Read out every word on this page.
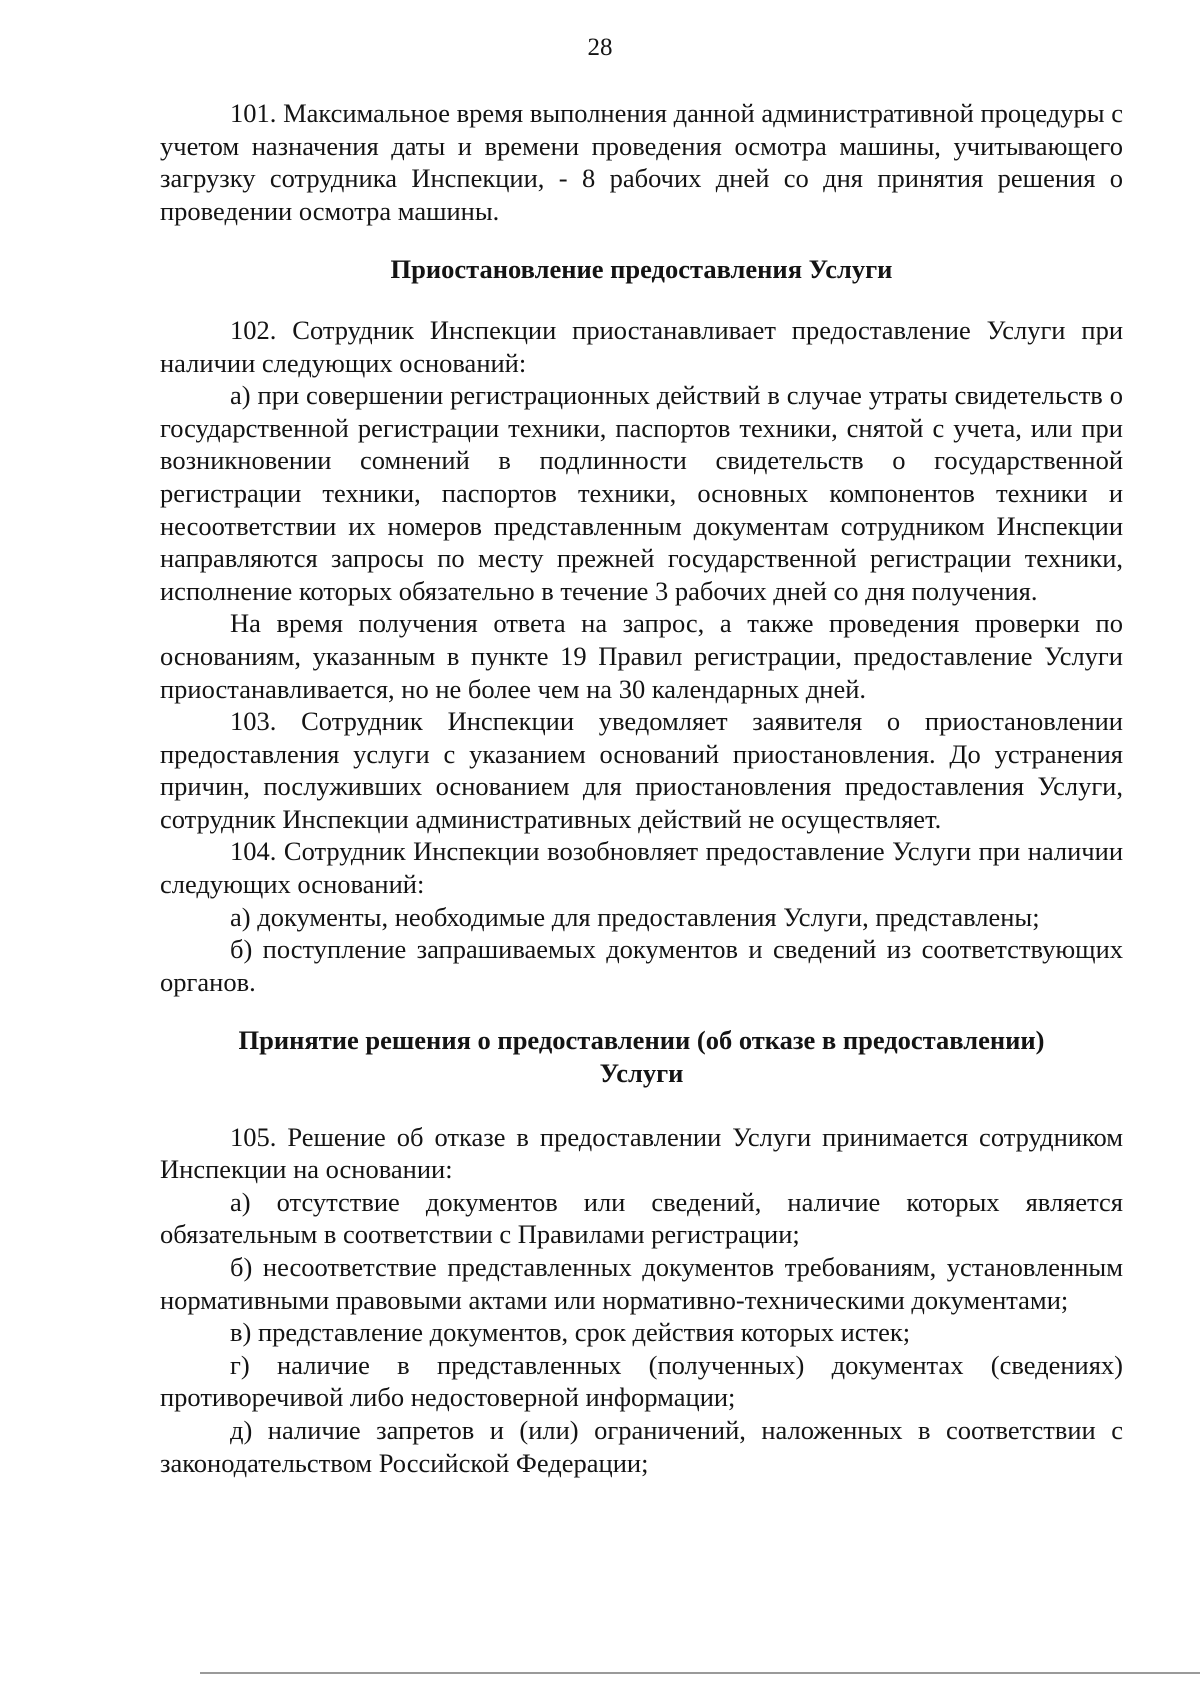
28

101. Максимальное время выполнения данной административной процедуры с учетом назначения даты и времени проведения осмотра машины, учитывающего загрузку сотрудника Инспекции, - 8 рабочих дней со дня принятия решения о проведении осмотра машины.

Приостановление предоставления Услуги

102. Сотрудник Инспекции приостанавливает предоставление Услуги при наличии следующих оснований:

а) при совершении регистрационных действий в случае утраты свидетельств о государственной регистрации техники, паспортов техники, снятой с учета, или при возникновении сомнений в подлинности свидетельств о государственной регистрации техники, паспортов техники, основных компонентов техники и несоответствии их номеров представленным документам сотрудником Инспекции направляются запросы по месту прежней государственной регистрации техники, исполнение которых обязательно в течение 3 рабочих дней со дня получения.

На время получения ответа на запрос, а также проведения проверки по основаниям, указанным в пункте 19 Правил регистрации, предоставление Услуги приостанавливается, но не более чем на 30 календарных дней.

103. Сотрудник Инспекции уведомляет заявителя о приостановлении предоставления услуги с указанием оснований приостановления. До устранения причин, послуживших основанием для приостановления предоставления Услуги, сотрудник Инспекции административных действий не осуществляет.

104. Сотрудник Инспекции возобновляет предоставление Услуги при наличии следующих оснований:

а) документы, необходимые для предоставления Услуги, представлены;

б) поступление запрашиваемых документов и сведений из соответствующих органов.

Принятие решения о предоставлении (об отказе в предоставлении)
Услуги

105. Решение об отказе в предоставлении Услуги принимается сотрудником Инспекции на основании:

а) отсутствие документов или сведений, наличие которых является обязательным в соответствии с Правилами регистрации;

б) несоответствие представленных документов требованиям, установленным нормативными правовыми актами или нормативно-техническими документами;

в) представление документов, срок действия которых истек;

г) наличие в представленных (полученных) документах (сведениях) противоречивой либо недостоверной информации;

д) наличие запретов и (или) ограничений, наложенных в соответствии с законодательством Российской Федерации;
